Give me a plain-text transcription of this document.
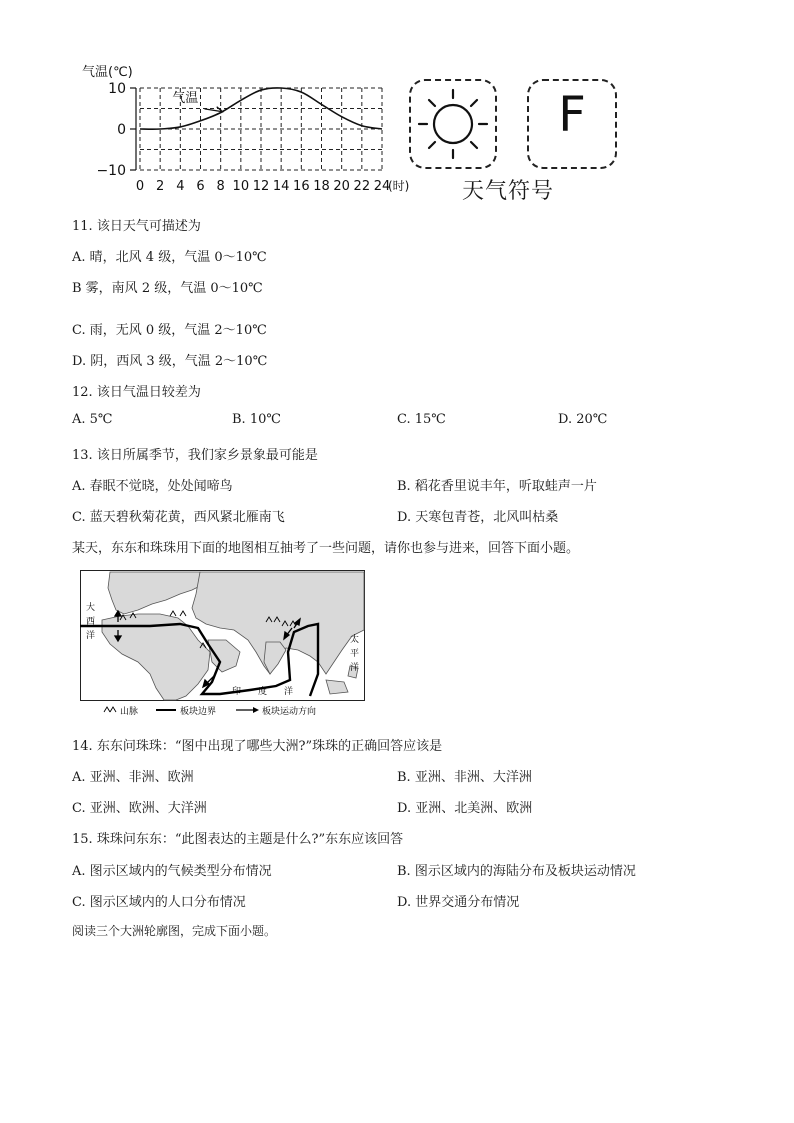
气温(℃)
10
0
−10
0 2 4 6 8 10 12 14 16 18 20 22 24
气温
(时)
F
天气符号
11. 该日天气可描述为
A. 晴，北风 4 级，气温 0～10℃
B 雾，南风 2 级，气温 0～10℃
C. 雨，无风 0 级，气温 2～10℃
D. 阴，西风 3 级，气温 2～10℃
12. 该日气温日较差为
A. 5℃	B. 10℃	C. 15℃	D. 20℃
13. 该日所属季节，我们家乡景象最可能是
A. 春眠不觉晓，处处闻啼鸟	B. 稻花香里说丰年，听取蛙声一片
C. 蓝天碧秋菊花黄，西风紧北雁南飞	D. 天寒包青苍，北风叫枯桑
某天，东东和珠珠用下面的地图相互抽考了一些问题，请你也参与进来，回答下面小题。
大
西
洋
印 度 洋
太
平
洋
山脉	板块边界	板块运动方向
14. 东东问珠珠：“图中出现了哪些大洲?”珠珠的正确回答应该是
A. 亚洲、非洲、欧洲	B. 亚洲、非洲、大洋洲
C. 亚洲、欧洲、大洋洲	D. 亚洲、北美洲、欧洲
15. 珠珠问东东：“此图表达的主题是什么?”东东应该回答
A. 图示区域内的气候类型分布情况	B. 图示区域内的海陆分布及板块运动情况
C. 图示区域内的人口分布情况	D. 世界交通分布情况
阅读三个大洲轮廓图，完成下面小题。
